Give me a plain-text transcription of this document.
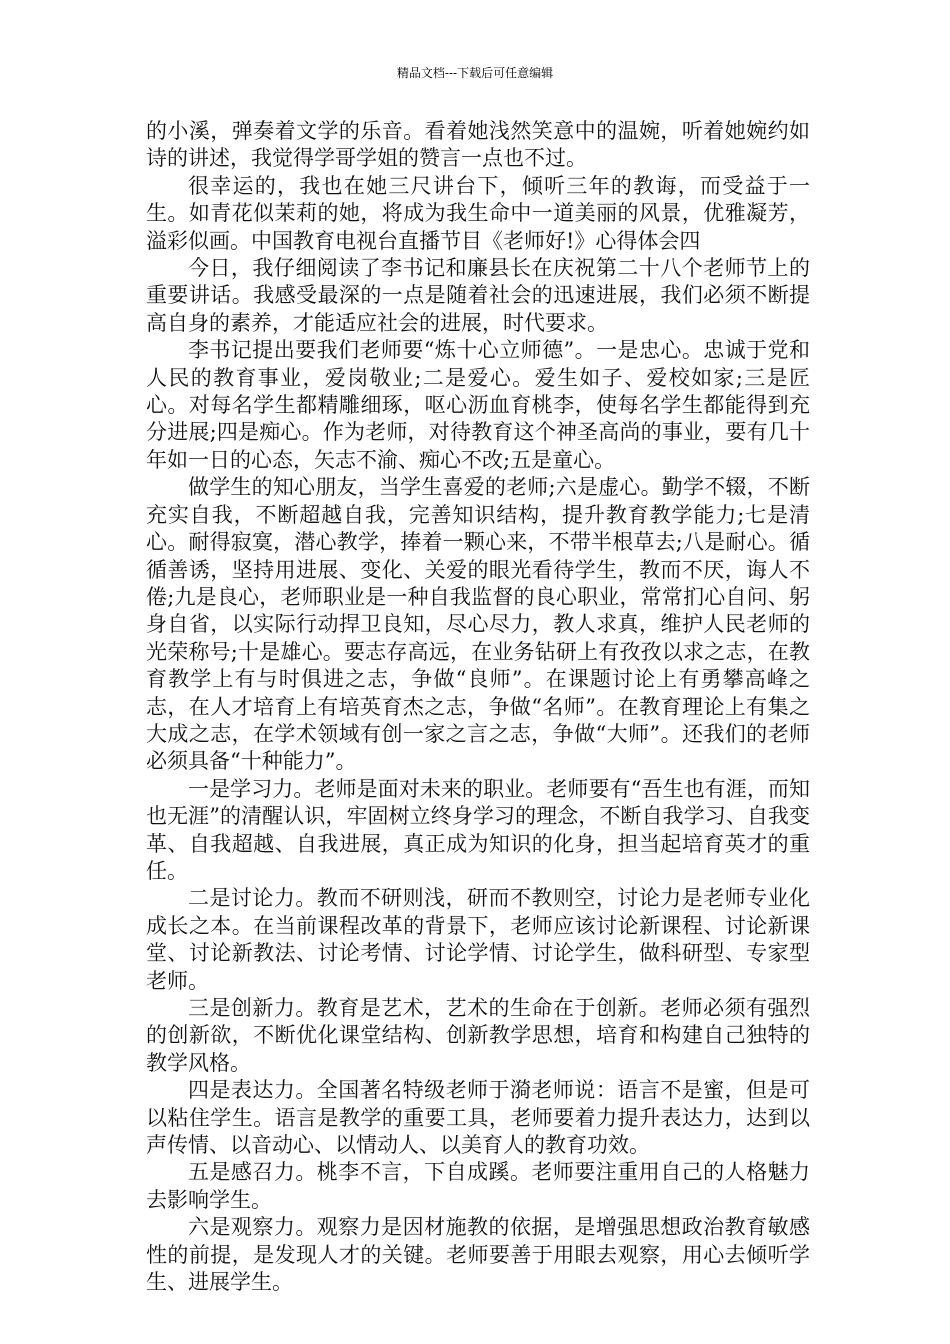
精品文档---下载后可任意编辑

的小溪，弹奏着文学的乐音。看着她浅然笑意中的温婉，听着她婉约如诗的讲述，我觉得学哥学姐的赞言一点也不过。

很幸运的，我也在她三尺讲台下，倾听三年的教诲，而受益于一生。如青花似茉莉的她，将成为我生命中一道美丽的风景，优雅凝芳，溢彩似画。中国教育电视台直播节目《老师好!》心得体会四

今日，我仔细阅读了李书记和廉县长在庆祝第二十八个老师节上的重要讲话。我感受最深的一点是随着社会的迅速进展，我们必须不断提高自身的素养，才能适应社会的进展，时代要求。

李书记提出要我们老师要“炼十心立师德”。一是忠心。忠诚于党和人民的教育事业，爱岗敬业;二是爱心。爱生如子、爱校如家;三是匠心。对每名学生都精雕细琢，呕心沥血育桃李，使每名学生都能得到充分进展;四是痴心。作为老师，对待教育这个神圣高尚的事业，要有几十年如一日的心态，矢志不渝、痴心不改;五是童心。

做学生的知心朋友，当学生喜爱的老师;六是虚心。勤学不辍，不断充实自我，不断超越自我，完善知识结构，提升教育教学能力;七是清心。耐得寂寞，潜心教学，捧着一颗心来，不带半根草去;八是耐心。循循善诱，坚持用进展、变化、关爱的眼光看待学生，教而不厌，诲人不倦;九是良心，老师职业是一种自我监督的良心职业，常常扪心自问、躬身自省，以实际行动捍卫良知，尽心尽力，教人求真，维护人民老师的光荣称号;十是雄心。要志存高远，在业务钻研上有孜孜以求之志，在教育教学上有与时俱进之志，争做“良师”。在课题讨论上有勇攀高峰之志，在人才培育上有培英育杰之志，争做“名师”。在教育理论上有集之大成之志，在学术领域有创一家之言之志，争做“大师”。还我们的老师必须具备“十种能力”。

一是学习力。老师是面对未来的职业。老师要有“吾生也有涯，而知也无涯”的清醒认识，牢固树立终身学习的理念，不断自我学习、自我变革、自我超越、自我进展，真正成为知识的化身，担当起培育英才的重任。

二是讨论力。教而不研则浅，研而不教则空，讨论力是老师专业化成长之本。在当前课程改革的背景下，老师应该讨论新课程、讨论新课堂、讨论新教法、讨论考情、讨论学情、讨论学生，做科研型、专家型老师。

三是创新力。教育是艺术，艺术的生命在于创新。老师必须有强烈的创新欲，不断优化课堂结构、创新教学思想，培育和构建自己独特的教学风格。

四是表达力。全国著名特级老师于漪老师说：语言不是蜜，但是可以粘住学生。语言是教学的重要工具，老师要着力提升表达力，达到以声传情、以音动心、以情动人、以美育人的教育功效。

五是感召力。桃李不言，下自成蹊。老师要注重用自己的人格魅力去影响学生。

六是观察力。观察力是因材施教的依据，是增强思想政治教育敏感性的前提，是发现人才的关键。老师要善于用眼去观察，用心去倾听学生、进展学生。
